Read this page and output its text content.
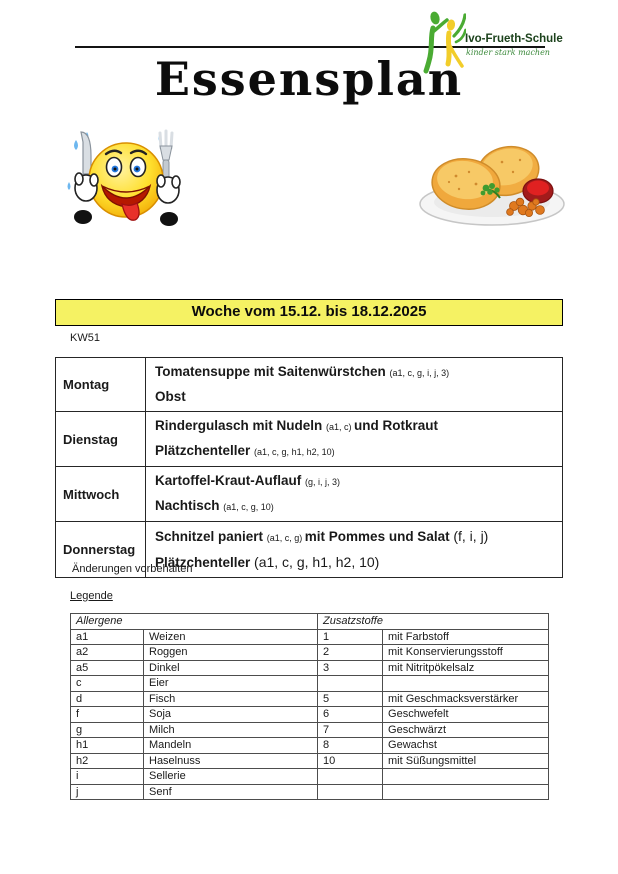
Ivo-Frueth-Schule
kinder stark machen
Essensplan
Woche vom 15.12. bis 18.12.2025
KW51
Montag	Tomatensuppe mit Saitenwürstchen (a1, c, g, i, j, 3)
Obst

Dienstag	Rindergulasch mit Nudeln (a1, c) und Rotkraut
Plätzchenteller (a1, c, g, h1, h2, 10)

Mittwoch	Kartoffel-Kraut-Auflauf (g, i, j, 3)
Nachtisch (a1, c, g, 10)

Donnerstag	Schnitzel paniert (a1, c, g) mit Pommes und Salat (f, i, j)
Plätzchenteller (a1, c, g, h1, h2, 10)
Änderungen vorbehalten
Legende
Allergene		Zusatzstoffe	
a1	Weizen	1	mit Farbstoff
a2	Roggen	2	mit Konservierungsstoff
a5	Dinkel	3	mit Nitritpökelsalz
c	Eier		
d	Fisch	5	mit Geschmacksverstärker
f	Soja	6	Geschwefelt
g	Milch	7	Geschwärzt
h1	Mandeln	8	Gewachst
h2	Haselnuss	10	mit Süßungsmittel
i	Sellerie		
j	Senf		
